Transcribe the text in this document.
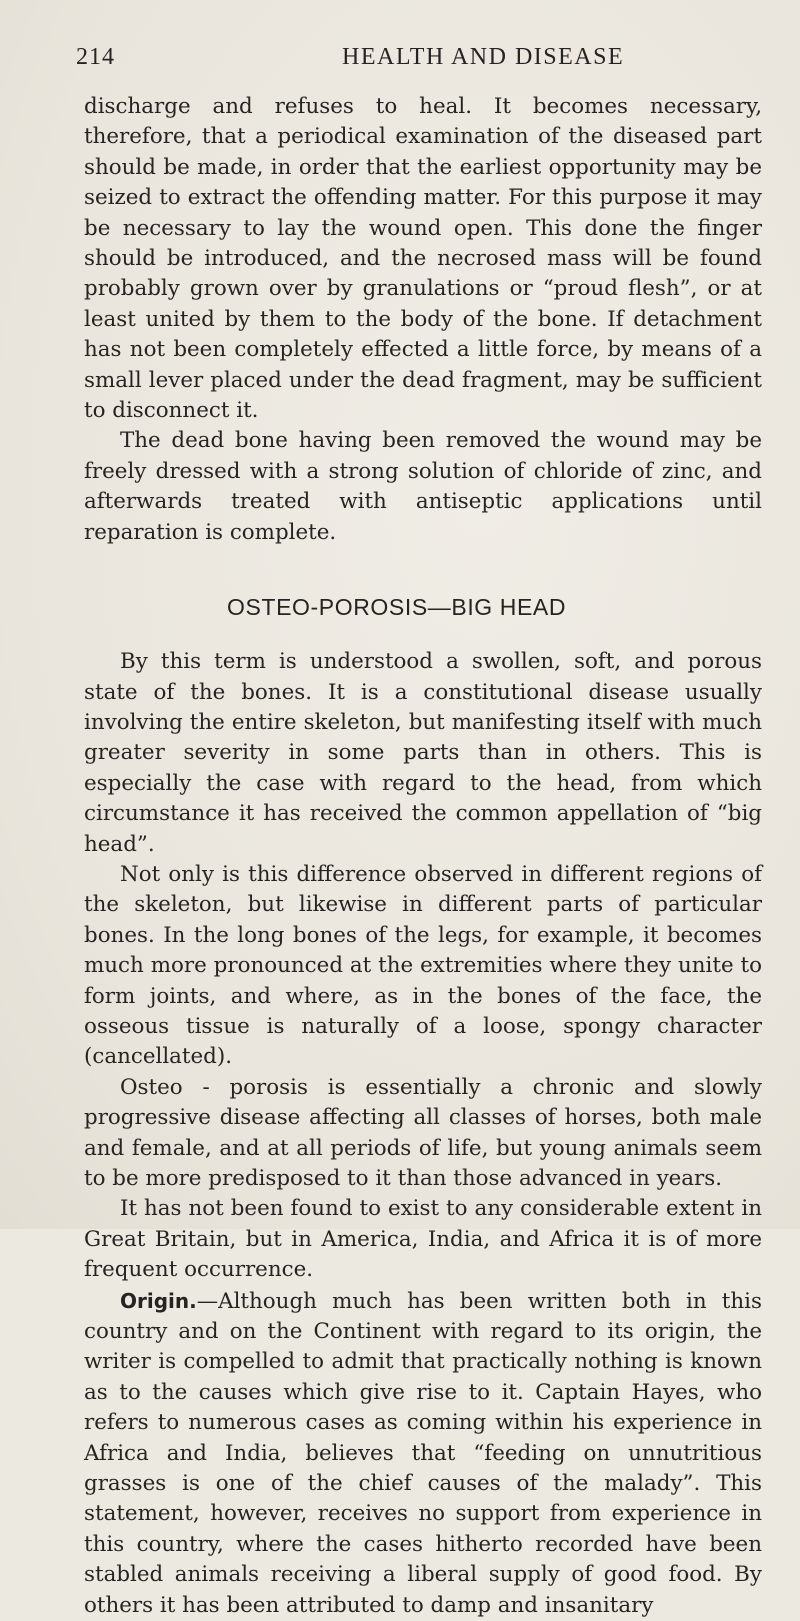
214	HEALTH AND DISEASE

discharge and refuses to heal. It becomes necessary, therefore, that a periodical examination of the diseased part should be made, in order that the earliest opportunity may be seized to extract the offending matter. For this purpose it may be necessary to lay the wound open. This done the finger should be introduced, and the necrosed mass will be found probably grown over by granulations or “proud flesh”, or at least united by them to the body of the bone. If detachment has not been completely effected a little force, by means of a small lever placed under the dead fragment, may be sufficient to disconnect it.

The dead bone having been removed the wound may be freely dressed with a strong solution of chloride of zinc, and afterwards treated with antiseptic applications until reparation is complete.

OSTEO-POROSIS—BIG HEAD

By this term is understood a swollen, soft, and porous state of the bones. It is a constitutional disease usually involving the entire skeleton, but manifesting itself with much greater severity in some parts than in others. This is especially the case with regard to the head, from which circumstance it has received the common appellation of “big head”.

Not only is this difference observed in different regions of the skeleton, but likewise in different parts of particular bones. In the long bones of the legs, for example, it becomes much more pronounced at the extremities where they unite to form joints, and where, as in the bones of the face, the osseous tissue is naturally of a loose, spongy character (cancellated).

Osteo - porosis is essentially a chronic and slowly progressive disease affecting all classes of horses, both male and female, and at all periods of life, but young animals seem to be more predisposed to it than those advanced in years.

It has not been found to exist to any considerable extent in Great Britain, but in America, India, and Africa it is of more frequent occurrence.

Origin.—Although much has been written both in this country and on the Continent with regard to its origin, the writer is compelled to admit that practically nothing is known as to the causes which give rise to it. Captain Hayes, who refers to numerous cases as coming within his experience in Africa and India, believes that “feeding on unnutritious grasses is one of the chief causes of the malady”. This statement, however, receives no support from experience in this country, where the cases hitherto recorded have been stabled animals receiving a liberal supply of good food. By others it has been attributed to damp and insanitary
